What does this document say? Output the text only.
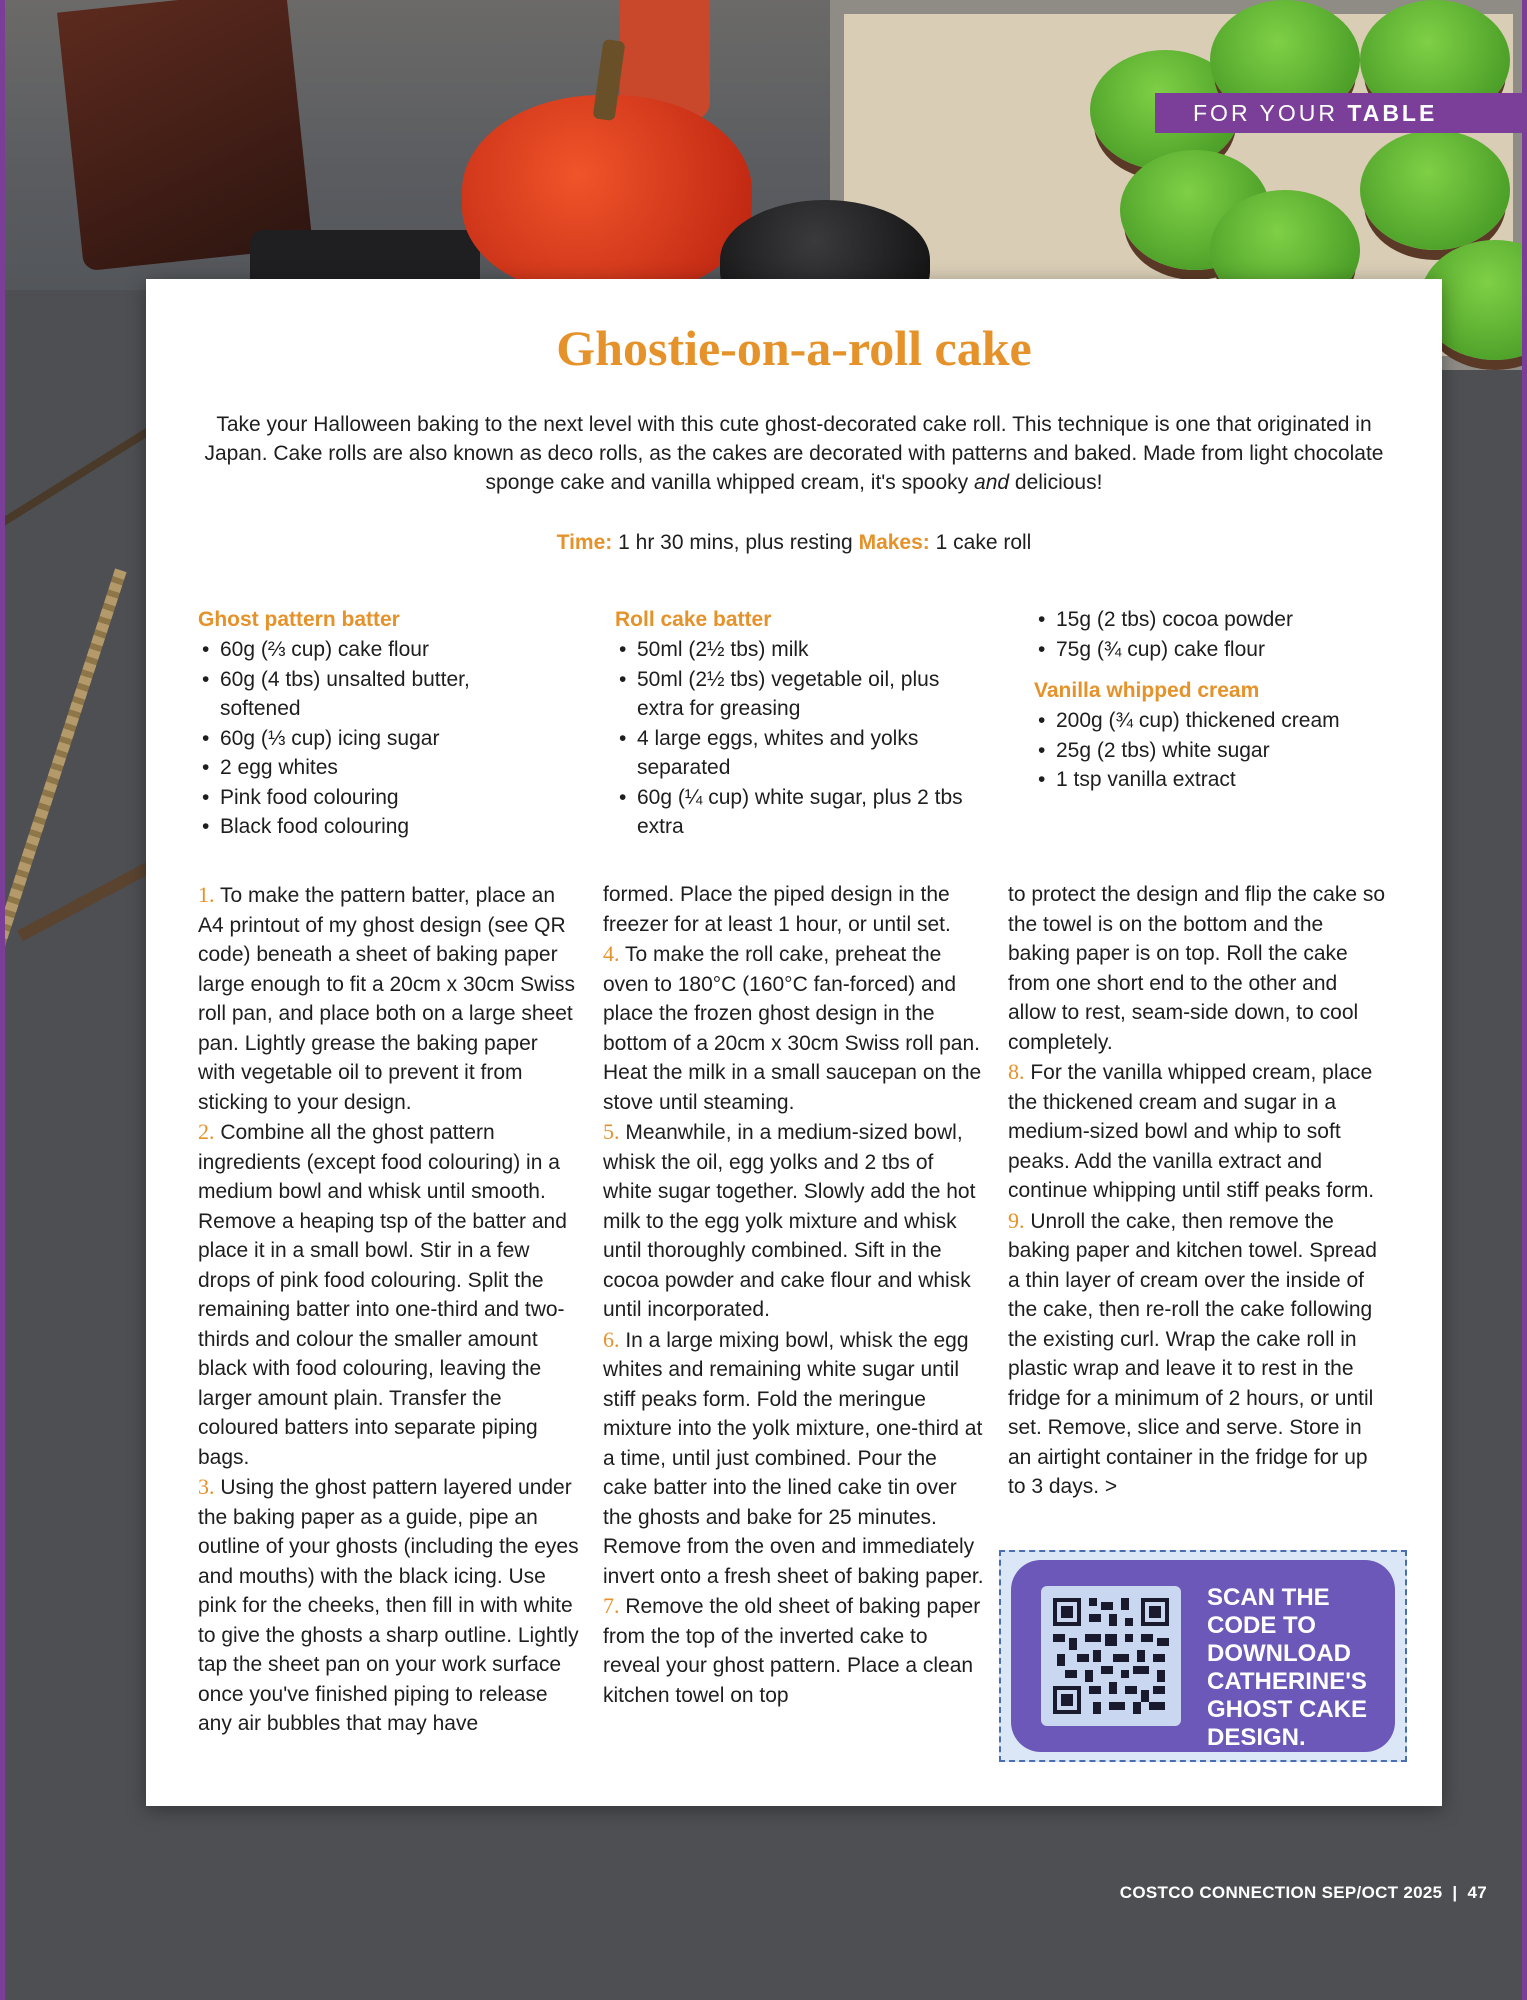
FOR YOUR TABLE
Ghostie-on-a-roll cake

Take your Halloween baking to the next level with this cute ghost-decorated cake roll. This technique is one that originated in Japan. Cake rolls are also known as deco rolls, as the cakes are decorated with patterns and baked. Made from light chocolate sponge cake and vanilla whipped cream, it's spooky and delicious!

Time: 1 hr 30 mins, plus resting Makes: 1 cake roll

Ghost pattern batter

• 60g (⅔ cup) cake flour
• 60g (4 tbs) unsalted butter, softened
• 60g (⅓ cup) icing sugar
• 2 egg whites
• Pink food colouring
• Black food colouring

Roll cake batter

• 50ml (2½ tbs) milk
• 50ml (2½ tbs) vegetable oil, plus extra for greasing
• 4 large eggs, whites and yolks separated
• 60g (¼ cup) white sugar, plus 2 tbs extra
• 15g (2 tbs) cocoa powder
• 75g (¾ cup) cake flour

Vanilla whipped cream

• 200g (¾ cup) thickened cream
• 25g (2 tbs) white sugar
• 1 tsp vanilla extract

1. To make the pattern batter, place an A4 printout of my ghost design (see QR code) beneath a sheet of baking paper large enough to fit a 20cm x 30cm Swiss roll pan, and place both on a large sheet pan. Lightly grease the baking paper with vegetable oil to prevent it from sticking to your design.

2. Combine all the ghost pattern ingredients (except food colouring) in a medium bowl and whisk until smooth. Remove a heaping tsp of the batter and place it in a small bowl. Stir in a few drops of pink food colouring. Split the remaining batter into one-third and two-thirds and colour the smaller amount black with food colouring, leaving the larger amount plain. Transfer the coloured batters into separate piping bags.

3. Using the ghost pattern layered under the baking paper as a guide, pipe an outline of your ghosts (including the eyes and mouths) with the black icing. Use pink for the cheeks, then fill in with white to give the ghosts a sharp outline. Lightly tap the sheet pan on your work surface once you've finished piping to release any air bubbles that may have

formed. Place the piped design in the freezer for at least 1 hour, or until set.

4. To make the roll cake, preheat the oven to 180°C (160°C fan-forced) and place the frozen ghost design in the bottom of a 20cm x 30cm Swiss roll pan. Heat the milk in a small saucepan on the stove until steaming.

5. Meanwhile, in a medium-sized bowl, whisk the oil, egg yolks and 2 tbs of white sugar together. Slowly add the hot milk to the egg yolk mixture and whisk until thoroughly combined. Sift in the cocoa powder and cake flour and whisk until incorporated.

6. In a large mixing bowl, whisk the egg whites and remaining white sugar until stiff peaks form. Fold the meringue mixture into the yolk mixture, one-third at a time, until just combined. Pour the cake batter into the lined cake tin over the ghosts and bake for 25 minutes. Remove from the oven and immediately invert onto a fresh sheet of baking paper.

7. Remove the old sheet of baking paper from the top of the inverted cake to reveal your ghost pattern. Place a clean kitchen towel on top

to protect the design and flip the cake so the towel is on the bottom and the baking paper is on top. Roll the cake from one short end to the other and allow to rest, seam-side down, to cool completely.

8. For the vanilla whipped cream, place the thickened cream and sugar in a medium-sized bowl and whip to soft peaks. Add the vanilla extract and continue whipping until stiff peaks form.

9. Unroll the cake, then remove the baking paper and kitchen towel. Spread a thin layer of cream over the inside of the cake, then re-roll the cake following the existing curl. Wrap the cake roll in plastic wrap and leave it to rest in the fridge for a minimum of 2 hours, or until set. Remove, slice and serve. Store in an airtight container in the fridge for up to 3 days. >

SCAN THE
CODE TO
DOWNLOAD
CATHERINE'S
GHOST CAKE
DESIGN.
COSTCO CONNECTION SEP/OCT 2025 | 47
